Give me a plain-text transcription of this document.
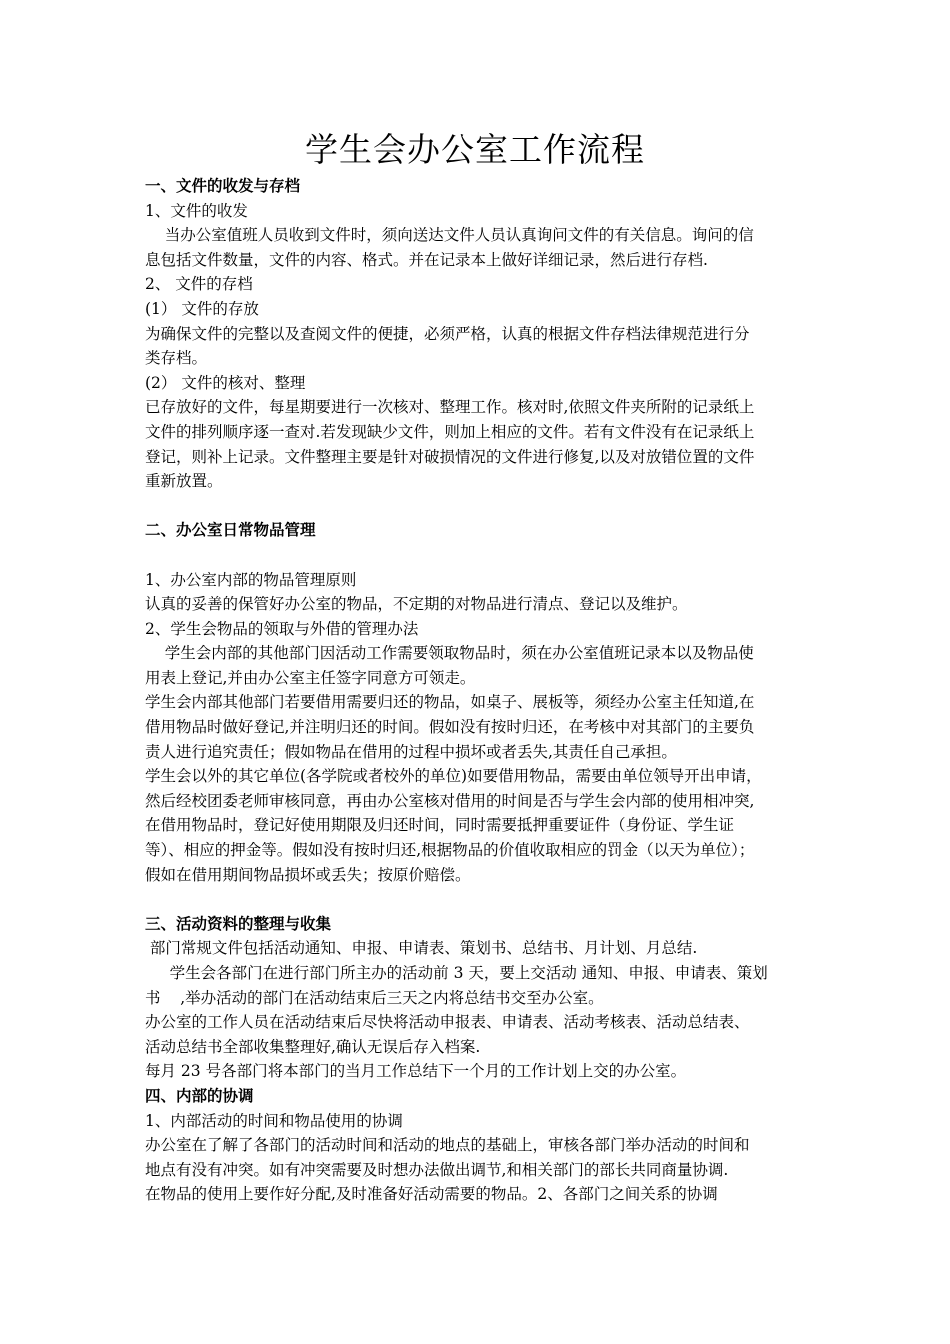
学生会办公室工作流程

一、文件的收发与存档

1、文件的收发

当办公室值班人员收到文件时，须向送达文件人员认真询问文件的有关信息。询问的信

息包括文件数量，文件的内容、格式。并在记录本上做好详细记录，然后进行存档.

2、 文件的存档

(1） 文件的存放

为确保文件的完整以及查阅文件的便捷，必须严格，认真的根据文件存档法律规范进行分

类存档。

(2） 文件的核对、整理

已存放好的文件，每星期要进行一次核对、整理工作。核对时,依照文件夹所附的记录纸上

文件的排列顺序逐一查对.若发现缺少文件，则加上相应的文件。若有文件没有在记录纸上

登记，则补上记录。文件整理主要是针对破损情况的文件进行修复,以及对放错位置的文件

重新放置。

二、办公室日常物品管理

1、办公室内部的物品管理原则

认真的妥善的保管好办公室的物品，不定期的对物品进行清点、登记以及维护。

2、学生会物品的领取与外借的管理办法

学生会内部的其他部门因活动工作需要领取物品时，须在办公室值班记录本以及物品使

用表上登记,并由办公室主任签字同意方可领走。

学生会内部其他部门若要借用需要归还的物品，如桌子、展板等，须经办公室主任知道,在

借用物品时做好登记,并注明归还的时间。假如没有按时归还，在考核中对其部门的主要负

责人进行追究责任；假如物品在借用的过程中损坏或者丢失,其责任自己承担。

学生会以外的其它单位(各学院或者校外的单位)如要借用物品，需要由单位领导开出申请，

然后经校团委老师审核同意，再由办公室核对借用的时间是否与学生会内部的使用相冲突,

在借用物品时，登记好使用期限及归还时间，同时需要抵押重要证件（身份证、学生证

等）、相应的押金等。假如没有按时归还,根据物品的价值收取相应的罚金（以天为单位）；

假如在借用期间物品损坏或丢失；按原价赔偿。

三、活动资料的整理与收集

部门常规文件包括活动通知、申报、申请表、策划书、总结书、月计划、月总结.

学生会各部门在进行部门所主办的活动前 3 天，要上交活动 通知、申报、申请表、策划

书    ,举办活动的部门在活动结束后三天之内将总结书交至办公室。

办公室的工作人员在活动结束后尽快将活动申报表、申请表、活动考核表、活动总结表、

活动总结书全部收集整理好,确认无误后存入档案.

每月 23 号各部门将本部门的当月工作总结下一个月的工作计划上交的办公室。

四、内部的协调

1、内部活动的时间和物品使用的协调

办公室在了解了各部门的活动时间和活动的地点的基础上，审核各部门举办活动的时间和

地点有没有冲突。如有冲突需要及时想办法做出调节,和相关部门的部长共同商量协调.

在物品的使用上要作好分配,及时准备好活动需要的物品。2、各部门之间关系的协调
